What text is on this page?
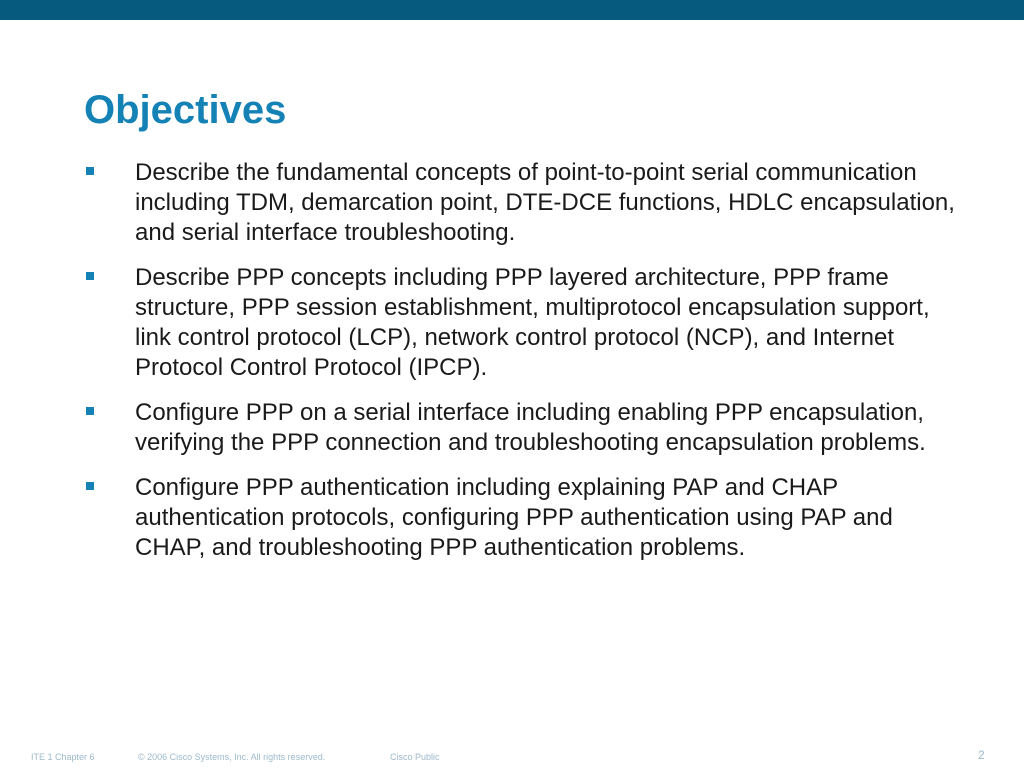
Objectives
Describe the fundamental concepts of point-to-point serial communication including TDM, demarcation point, DTE-DCE functions, HDLC encapsulation, and serial interface troubleshooting.
Describe PPP concepts including PPP layered architecture, PPP frame structure, PPP session establishment, multiprotocol encapsulation support, link control protocol (LCP), network control protocol (NCP), and Internet Protocol Control Protocol (IPCP).
Configure PPP on a serial interface including enabling PPP encapsulation, verifying the PPP connection and troubleshooting encapsulation problems.
Configure PPP authentication including explaining PAP and CHAP authentication protocols, configuring PPP authentication using PAP and CHAP, and troubleshooting PPP authentication problems.
ITE 1 Chapter 6	© 2006 Cisco Systems, Inc. All rights reserved.	Cisco Public	2
